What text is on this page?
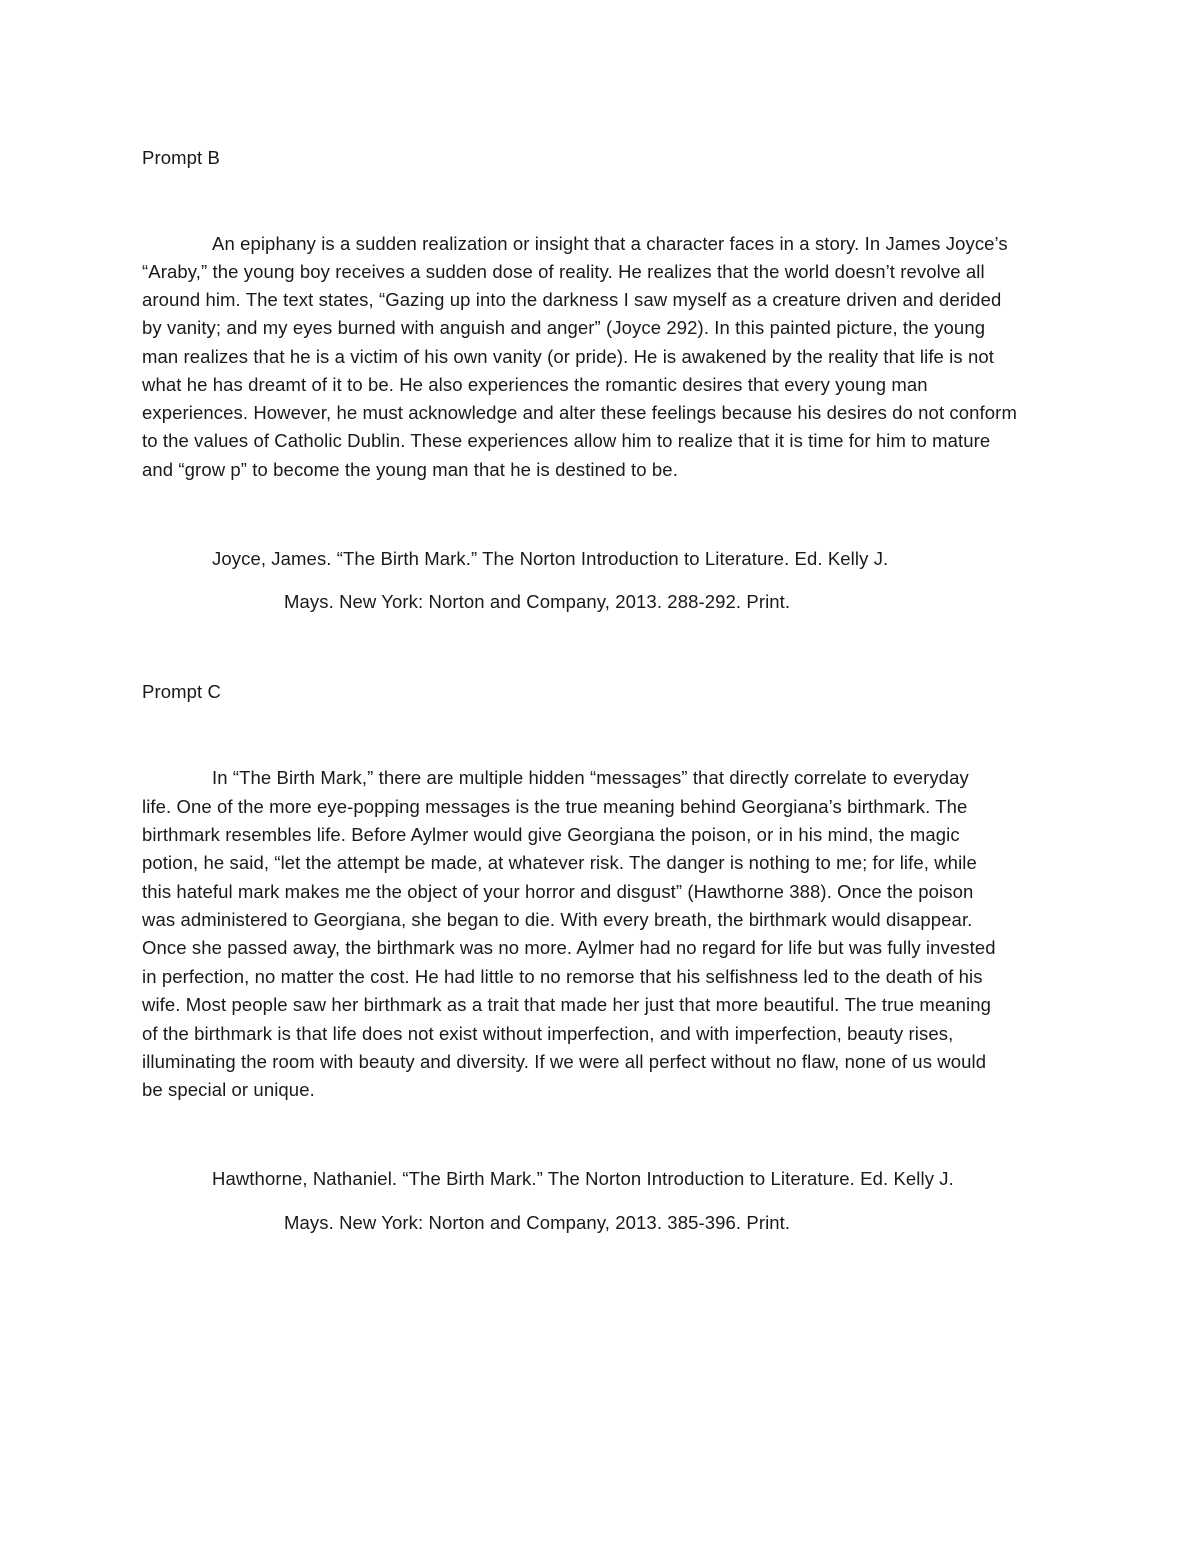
Prompt B
An epiphany is a sudden realization or insight that a character faces in a story. In James Joyce’s
“Araby,” the young boy receives a sudden dose of reality. He realizes that the world doesn’t revolve all
around him. The text states, “Gazing up into the darkness I saw myself as a creature driven and derided
by vanity; and my eyes burned with anguish and anger” (Joyce 292). In this painted picture, the young
man realizes that he is a victim of his own vanity (or pride). He is awakened by the reality that life is not
what he has dreamt of it to be. He also experiences the romantic desires that every young man
experiences. However, he must acknowledge and alter these feelings because his desires do not conform
to the values of Catholic Dublin. These experiences allow him to realize that it is time for him to mature
and “grow p” to become the young man that he is destined to be.
Joyce, James. “The Birth Mark.” The Norton Introduction to Literature. Ed. Kelly J.
Mays. New York: Norton and Company, 2013. 288-292. Print.
Prompt C
In “The Birth Mark,” there are multiple hidden “messages” that directly correlate to everyday
life. One of the more eye-popping messages is the true meaning behind Georgiana’s birthmark. The
birthmark resembles life. Before Aylmer would give Georgiana the poison, or in his mind, the magic
potion, he said, “let the attempt be made, at whatever risk. The danger is nothing to me; for life, while
this hateful mark makes me the object of your horror and disgust” (Hawthorne 388). Once the poison
was administered to Georgiana, she began to die. With every breath, the birthmark would disappear.
Once she passed away, the birthmark was no more. Aylmer had no regard for life but was fully invested
in perfection, no matter the cost. He had little to no remorse that his selfishness led to the death of his
wife. Most people saw her birthmark as a trait that made her just that more beautiful. The true meaning
of the birthmark is that life does not exist without imperfection, and with imperfection, beauty rises,
illuminating the room with beauty and diversity. If we were all perfect without no flaw, none of us would
be special or unique.
Hawthorne, Nathaniel. “The Birth Mark.” The Norton Introduction to Literature. Ed. Kelly J.
Mays. New York: Norton and Company, 2013. 385-396. Print.
